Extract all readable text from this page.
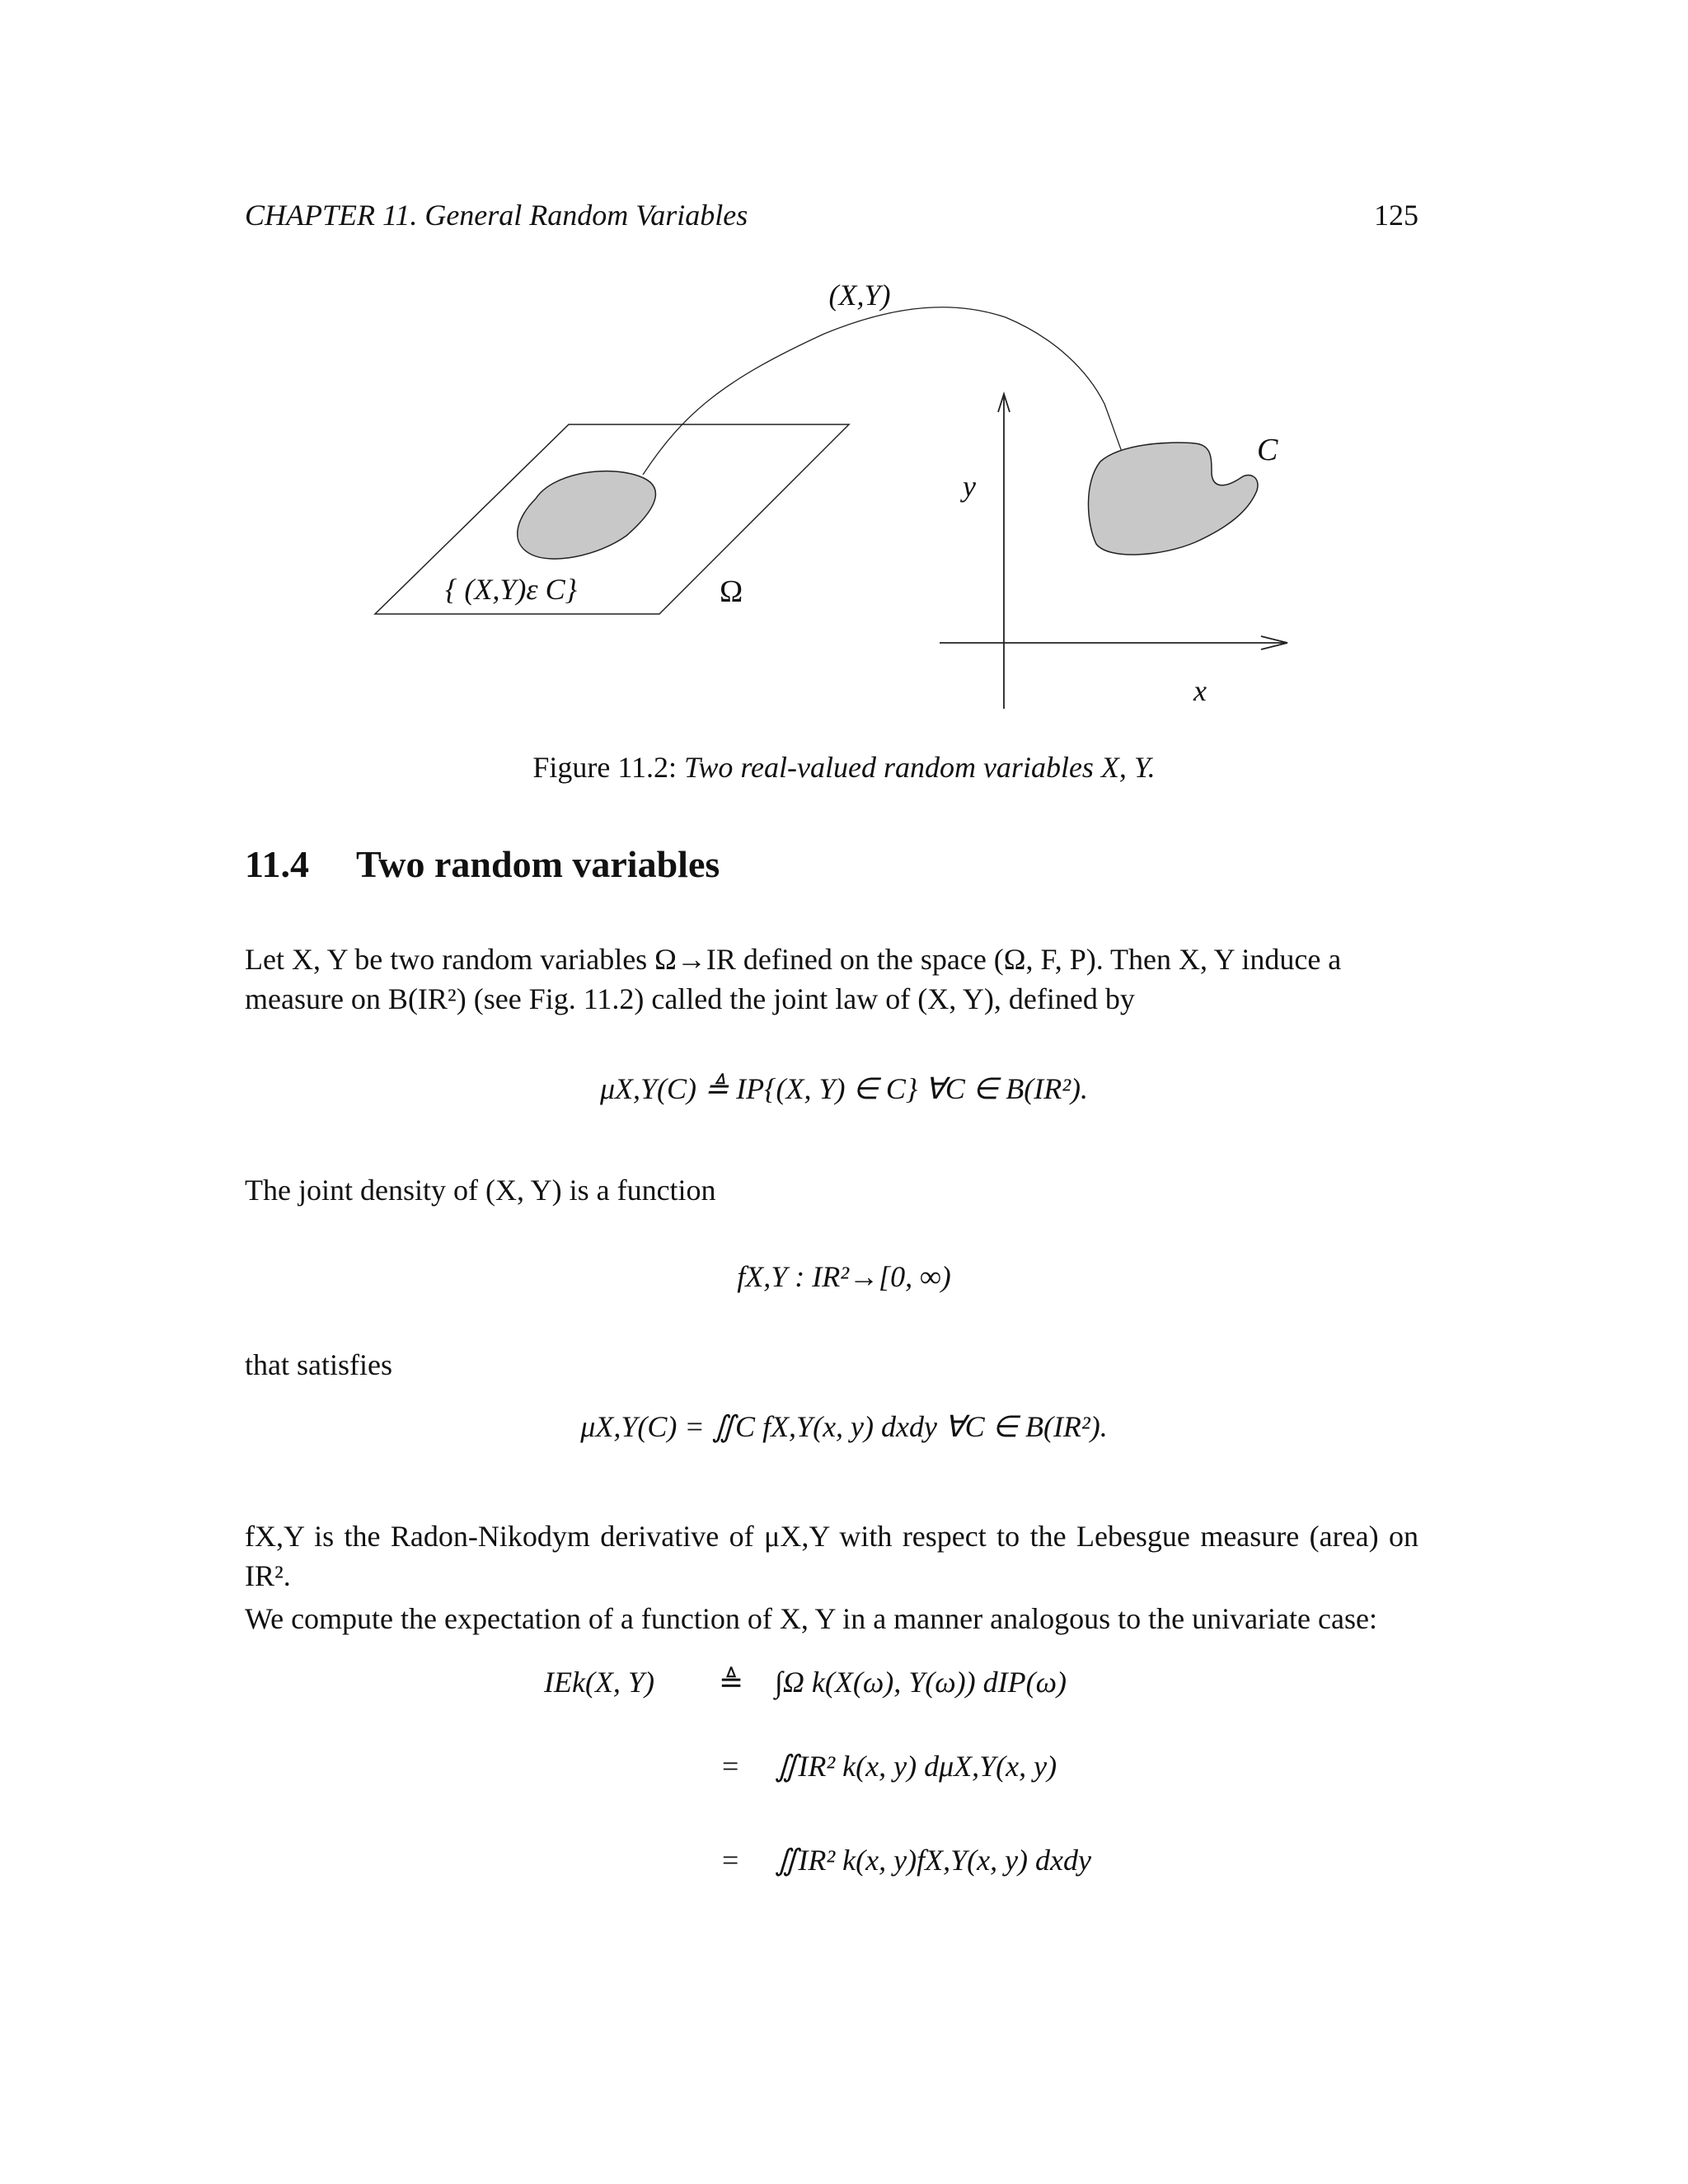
CHAPTER 11. General Random Variables	125
(X,Y)
C
y
{ (X,Y)ε C}	Ω
x
Figure 11.2: Two real-valued random variables X, Y.
11.4 Two random variables
Let X, Y be two random variables Ω→IR defined on the space (Ω, F, P). Then X, Y induce a
measure on B(IR²) (see Fig. 11.2) called the joint law of (X, Y), defined by
μX,Y(C) ≜ IP{(X, Y) ∈ C} ∀C ∈ B(IR²).
The joint density of (X, Y) is a function
fX,Y : IR²→[0, ∞)
that satisfies
μX,Y(C) = ∬C fX,Y(x, y) dxdy ∀C ∈ B(IR²).
fX,Y is the Radon-Nikodym derivative of μX,Y with respect to the Lebesgue measure (area) on IR².
We compute the expectation of a function of X, Y in a manner analogous to the univariate case:
IEk(X, Y) ≜ ∫Ω k(X(ω), Y(ω)) dIP(ω)
= ∬IR² k(x, y) dμX,Y(x, y)
= ∬IR² k(x, y)fX,Y(x, y) dxdy
